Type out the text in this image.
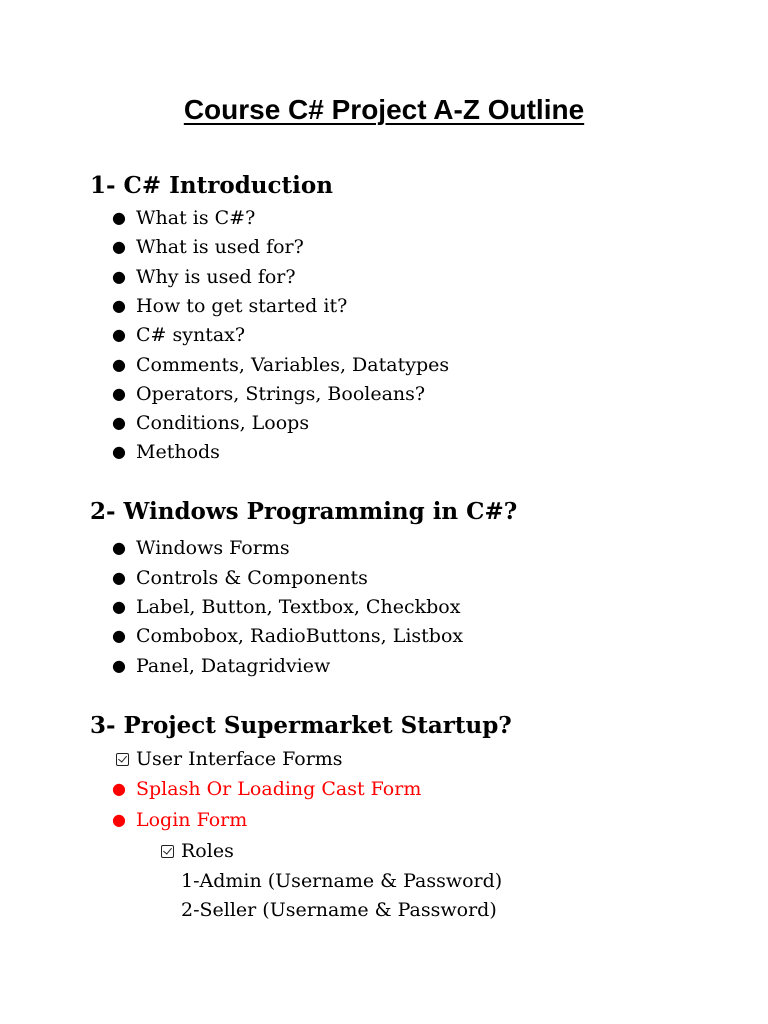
Course C# Project A-Z Outline
1- C# Introduction
● What is C#?
● What is used for?
● Why is used for?
● How to get started it?
● C# syntax?
● Comments, Variables, Datatypes
● Operators, Strings, Booleans?
● Conditions, Loops
● Methods
2- Windows Programming in C#?
● Windows Forms
● Controls & Components
● Label, Button, Textbox, Checkbox
● Combobox, RadioButtons, Listbox
● Panel, Datagridview
3- Project Supermarket Startup?
User Interface Forms
● Splash Or Loading Cast Form
● Login Form
Roles
1-Admin (Username & Password)
2-Seller (Username & Password)
